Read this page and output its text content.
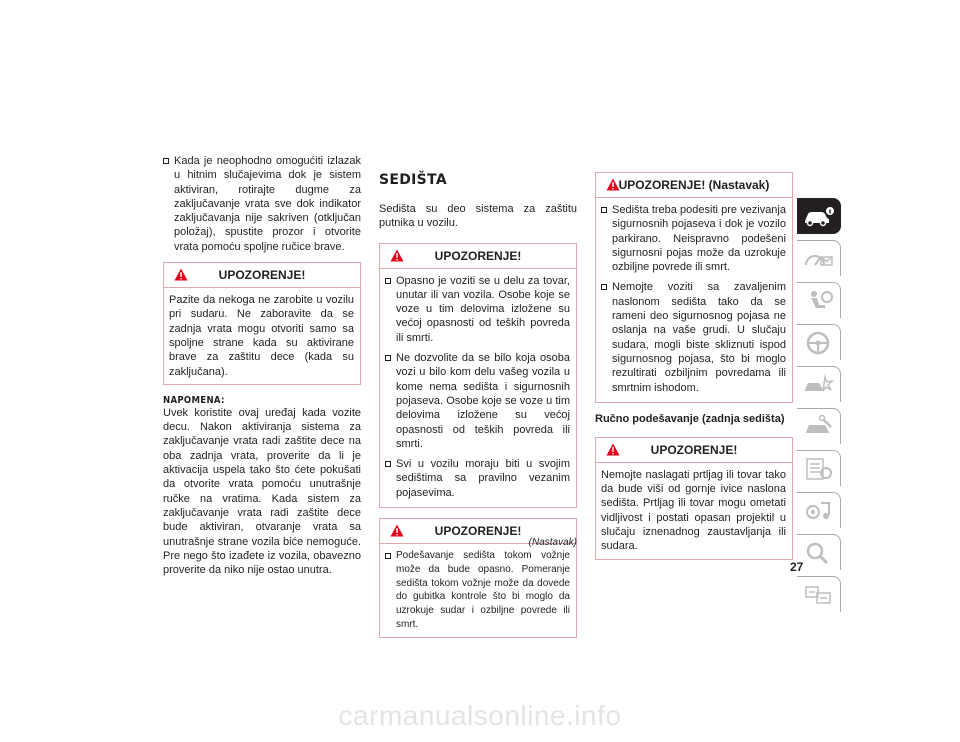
Kada je neophodno omogućiti izlazak u hitnim slučajevima dok je sistem aktiviran, rotirajte dugme za zaključavanje vrata sve dok indikator zaključavanja nije sakriven (otključan položaj), spustite prozor i otvorite vrata pomoću spoljne ručice brave.

UPOZORENJE!

Pazite da nekoga ne zarobite u vozilu pri sudaru. Ne zaboravite da se zadnja vrata mogu otvoriti samo sa spoljne strane kada su aktivirane brave za zaštitu dece (kada su zaključana).

NAPOMENA:

Uvek koristite ovaj uređaj kada vozite decu. Nakon aktiviranja sistema za zaključavanje vrata radi zaštite dece na oba zadnja vrata, proverite da li je aktivacija uspela tako što ćete pokušati da otvorite vrata pomoću unutrašnje ručke na vratima. Kada sistem za zaključavanje vrata radi zaštite dece bude aktiviran, otvaranje vrata sa unutrašnje strane vozila biće nemoguće. Pre nego što izađete iz vozila, obavezno proverite da niko nije ostao unutra.

SEDIŠTA

Sedišta su deo sistema za zaštitu putnika u vozilu.

UPOZORENJE!

Opasno je voziti se u delu za tovar, unutar ili van vozila. Osobe koje se voze u tim delovima izložene su većoj opasnosti od teških povreda ili smrti.

Ne dozvolite da se bilo koja osoba vozi u bilo kom delu vašeg vozila u kome nema sedišta i sigurnosnih pojaseva. Osobe koje se voze u tim delovima izložene su većoj opasnosti od teških povreda ili smrti.

Svi u vozilu moraju biti u svojim sedištima sa pravilno vezanim pojasevima.

UPOZORENJE!

Podešavanje sedišta tokom vožnje može da bude opasno. Pomeranje sedišta tokom vožnje može da dovede do gubitka kontrole što bi moglo da uzrokuje sudar i ozbiljne povrede ili smrt.

(Nastavak)
UPOZORENJE! (Nastavak)

Sedišta treba podesiti pre vezivanja sigurnosnih pojaseva i dok je vozilo parkirano. Neispravno podešeni sigurnosni pojas može da uzrokuje ozbiljne povrede ili smrt.

Nemojte voziti sa zavaljenim naslonom sedišta tako da se rameni deo sigurnosnog pojasa ne oslanja na vaše grudi. U slučaju sudara, mogli biste skliznuti ispod sigurnosnog pojasa, što bi moglo rezultirati ozbiljnim povredama ili smrtnim ishodom.

Ručno podešavanje (zadnja sedišta)
UPOZORENJE!

Nemojte naslagati prtljag ili tovar tako da bude viši od gornje ivice naslona sedišta. Prtljag ili tovar mogu ometati vidljivost i postati opasan projektil u slučaju iznenadnog zaustavljanja ili sudara.

27
carmanualsonline.info
